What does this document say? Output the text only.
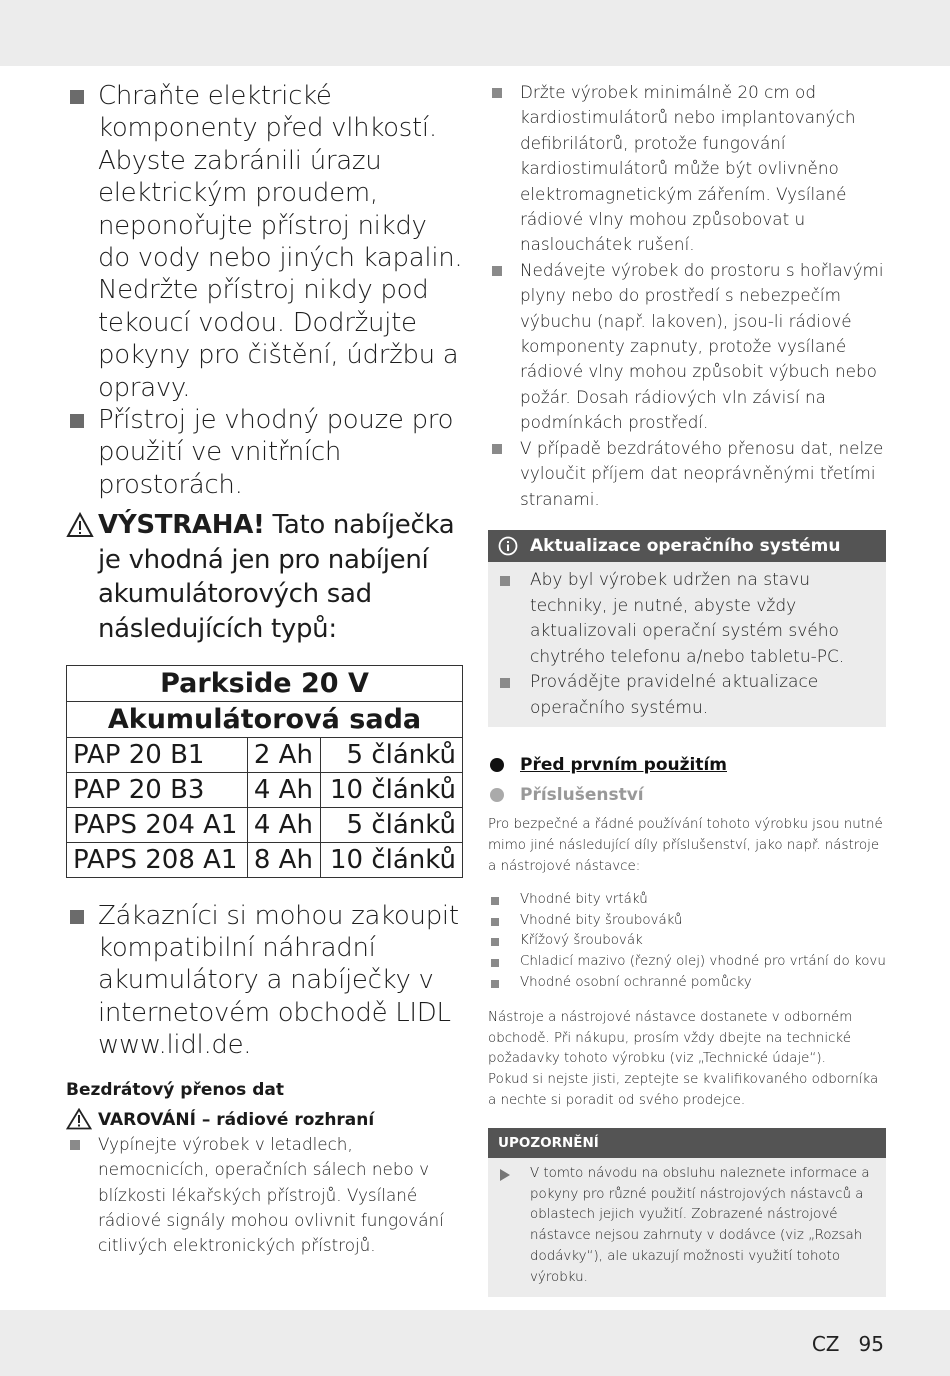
Chraňte elektrické komponenty před vlhkostí. Abyste zabránili úrazu elektrickým proudem, neponořujte přístroj nikdy do vody nebo jiných kapalin. Nedržte přístroj nikdy pod tekoucí vodou. Dodržujte pokyny pro čištění, údržbu a opravy.
Přístroj je vhodný pouze pro použití ve vnitřních prostorách.
VÝSTRAHA! Tato nabíječka je vhodná jen pro nabíjení akumulátorových sad následujících typů:
Parkside 20 V		
Akumulátorová sada		
PAP 20 B1	2 Ah	5 článků
PAP 20 B3	4 Ah	10 článků
PAPS 204 A1	4 Ah	5 článků
PAPS 208 A1	8 Ah	10 článků
Zákazníci si mohou zakoupit kompatibilní náhradní akumulátory a nabíječky v internetovém obchodě LIDL www.lidl.de.
Bezdrátový přenos dat
VAROVÁNÍ – rádiové rozhraní
Vypínejte výrobek v letadlech, nemocnicích, operačních sálech nebo v blízkosti lékařských přístrojů. Vysílané rádiové signály mohou ovlivnit fungování citlivých elektronických přístrojů.
Držte výrobek minimálně 20 cm od kardiostimulátorů nebo implantovaných defibrilátorů, protože fungování kardiostimulátorů může být ovlivněno elektromagnetickým zářením. Vysílané rádiové vlny mohou způsobovat u naslouchátek rušení.
Nedávejte výrobek do prostoru s hořlavými plyny nebo do prostředí s nebezpečím výbuchu (např. lakoven), jsou-li rádiové komponenty zapnuty, protože vysílané rádiové vlny mohou způsobit výbuch nebo požár. Dosah rádiových vln závisí na podmínkách prostředí.
V případě bezdrátového přenosu dat, nelze vyloučit příjem dat neoprávněnými třetími stranami.
Aktualizace operačního systému
Aby byl výrobek udržen na stavu techniky, je nutné, abyste vždy aktualizovali operační systém svého chytrého telefonu a/nebo tabletu-PC.
Provádějte pravidelné aktualizace operačního systému.
Před prvním použitím
Příslušenství

Pro bezpečné a řádné používání tohoto výrobku jsou nutné mimo jiné následující díly příslušenství, jako např. nástroje a nástrojové nástavce:

Vhodné bity vrtáků
Vhodné bity šroubováků
Křížový šroubovák
Chladicí mazivo (řezný olej) vhodné pro vrtání do kovu
Vhodné osobní ochranné pomůcky

Nástroje a nástrojové nástavce dostanete v odborném obchodě. Při nákupu, prosím vždy dbejte na technické požadavky tohoto výrobku (viz „Technické údaje“).

Pokud si nejste jisti, zeptejte se kvalifikovaného odborníka a nechte si poradit od svého prodejce.

UPOZORNĚNÍ
V tomto návodu na obsluhu naleznete informace a pokyny pro různé použití nástrojových nástavců a oblastech jejich využití. Zobrazené nástrojové nástavce nejsou zahrnuty v dodávce (viz „Rozsah dodávky“), ale ukazují možnosti využití tohoto výrobku.
CZ   95
